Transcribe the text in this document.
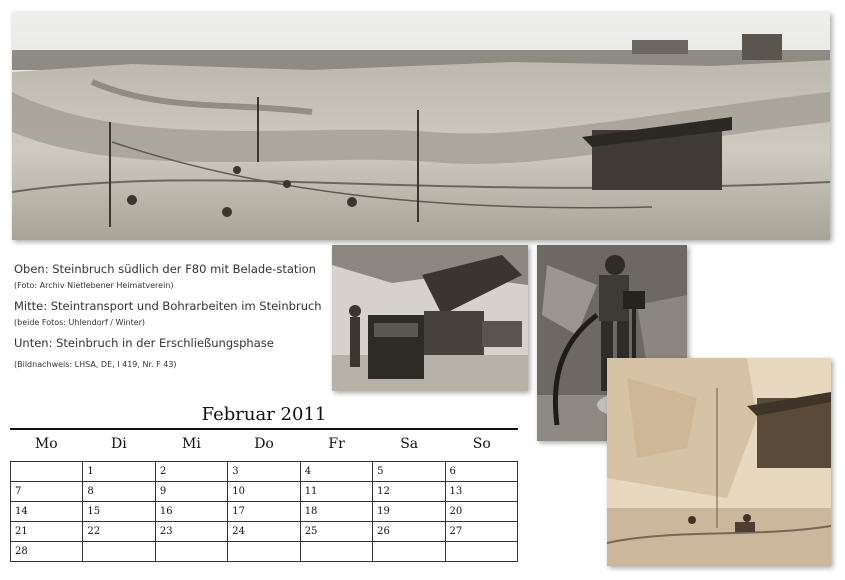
Oben: Steinbruch südlich der F80 mit Belade-station (Foto: Archiv Nietlebener Heimatverein)

Mitte: Steintransport und Bohrarbeiten im Steinbruch (beide Fotos: Uhlendorf / Winter)

Unten: Steinbruch in der Erschließungsphase

(Bildnachweis: LHSA, DE, I 419, Nr. F 43)

Februar 2011
Mo	Di	Mi	Do	Fr	Sa	So
	1	2	3	4	5	6
7	8	9	10	11	12	13
14	15	16	17	18	19	20
21	22	23	24	25	26	27
28						
